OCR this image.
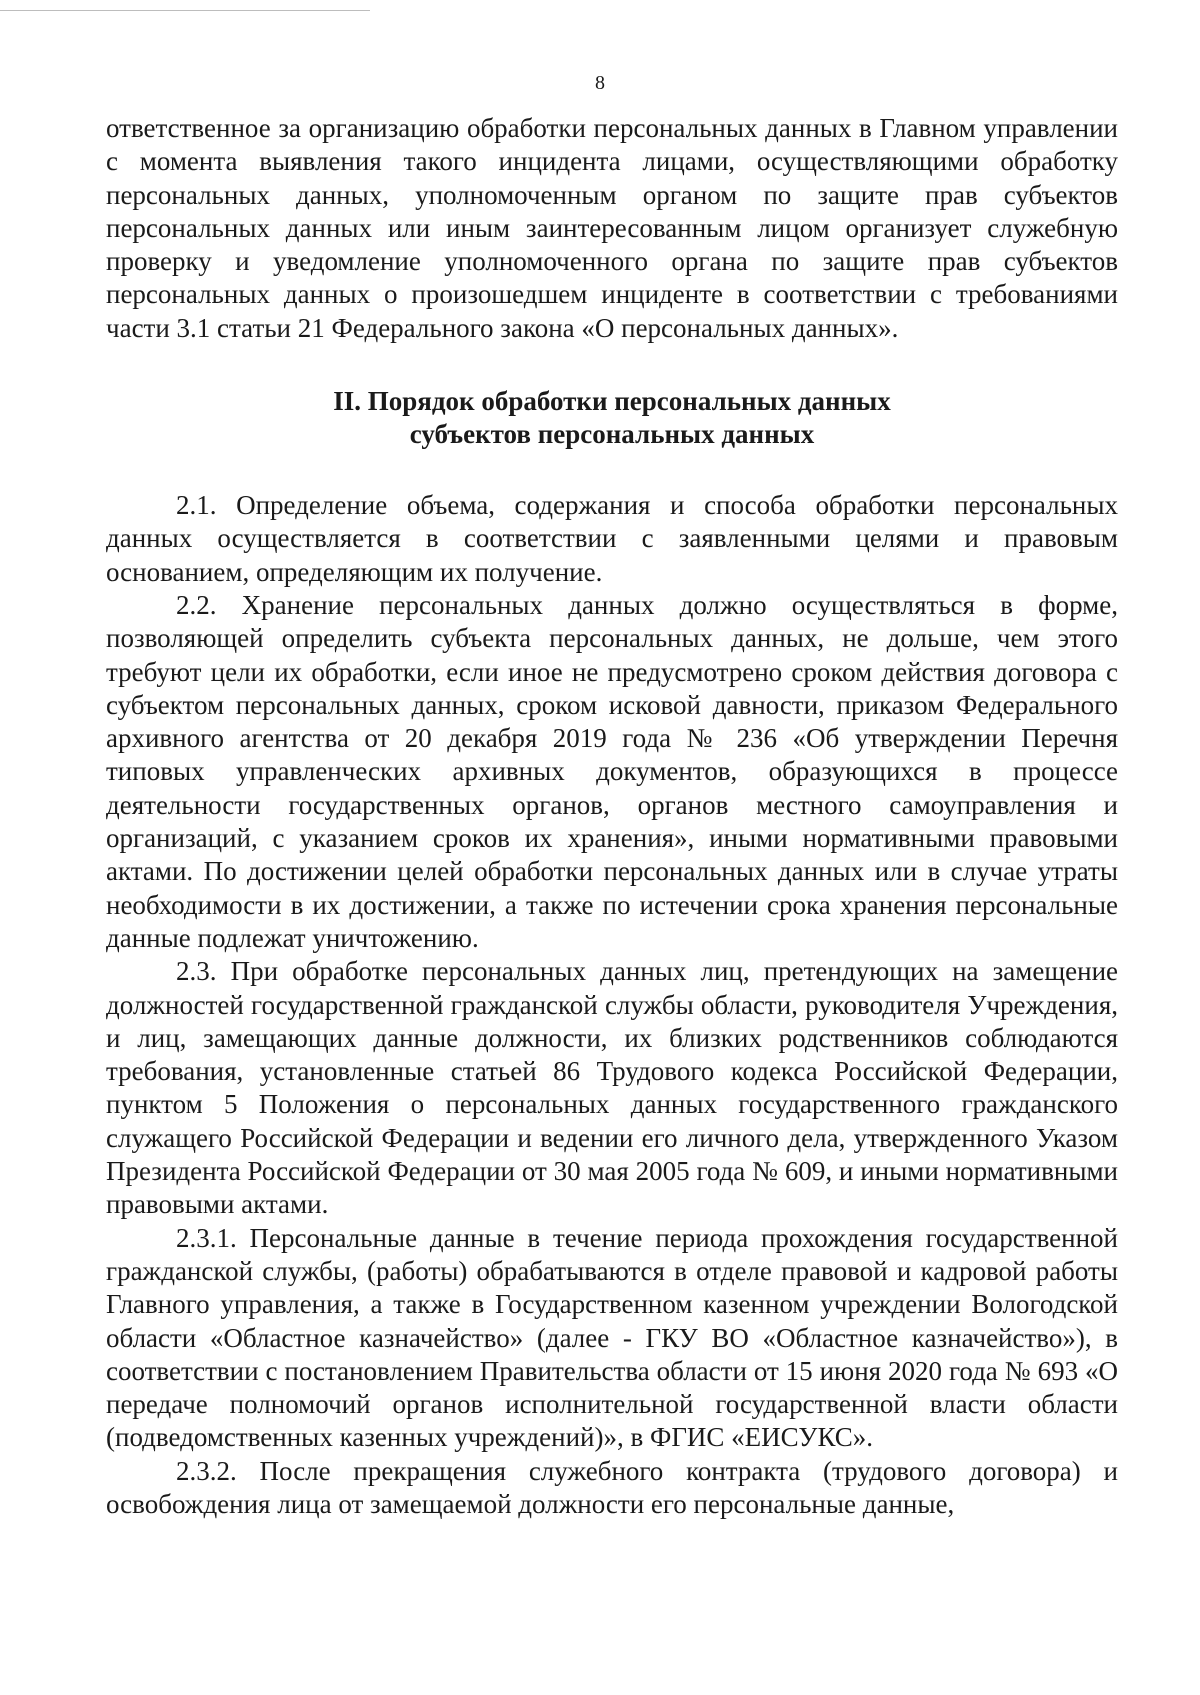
8

ответственное за организацию обработки персональных данных в Главном управлении с момента выявления такого инцидента лицами, осуществляющими обработку персональных данных, уполномоченным органом по защите прав субъектов персональных данных или иным заинтересованным лицом организует служебную проверку и уведомление уполномоченного органа по защите прав субъектов персональных данных о произошедшем инциденте в соответствии с требованиями части 3.1 статьи 21 Федерального закона «О персональных данных».

II. Порядок обработки персональных данных
субъектов персональных данных

2.1. Определение объема, содержания и способа обработки персональных данных осуществляется в соответствии с заявленными целями и правовым основанием, определяющим их получение.

2.2. Хранение персональных данных должно осуществляться в форме, позволяющей определить субъекта персональных данных, не дольше, чем этого требуют цели их обработки, если иное не предусмотрено сроком действия договора с субъектом персональных данных, сроком исковой давности, приказом Федерального архивного агентства от 20 декабря 2019 года № 236 «Об утверждении Перечня типовых управленческих архивных документов, образующихся в процессе деятельности государственных органов, органов местного самоуправления и организаций, с указанием сроков их хранения», иными нормативными правовыми актами. По достижении целей обработки персональных данных или в случае утраты необходимости в их достижении, а также по истечении срока хранения персональные данные подлежат уничтожению.

2.3. При обработке персональных данных лиц, претендующих на замещение должностей государственной гражданской службы области, руководителя Учреждения, и лиц, замещающих данные должности, их близких родственников соблюдаются требования, установленные статьей 86 Трудового кодекса Российской Федерации, пунктом 5 Положения о персональных данных государственного гражданского служащего Российской Федерации и ведении его личного дела, утвержденного Указом Президента Российской Федерации от 30 мая 2005 года № 609, и иными нормативными правовыми актами.

2.3.1. Персональные данные в течение периода прохождения государственной гражданской службы, (работы) обрабатываются в отделе правовой и кадровой работы Главного управления, а также в Государственном казенном учреждении Вологодской области «Областное казначейство» (далее - ГКУ ВО «Областное казначейство»), в соответствии с постановлением Правительства области от 15 июня 2020 года № 693 «О передаче полномочий органов исполнительной государственной власти области (подведомственных казенных учреждений)», в ФГИС «ЕИСУКС».

2.3.2. После прекращения служебного контракта (трудового договора) и освобождения лица от замещаемой должности его персональные данные,
